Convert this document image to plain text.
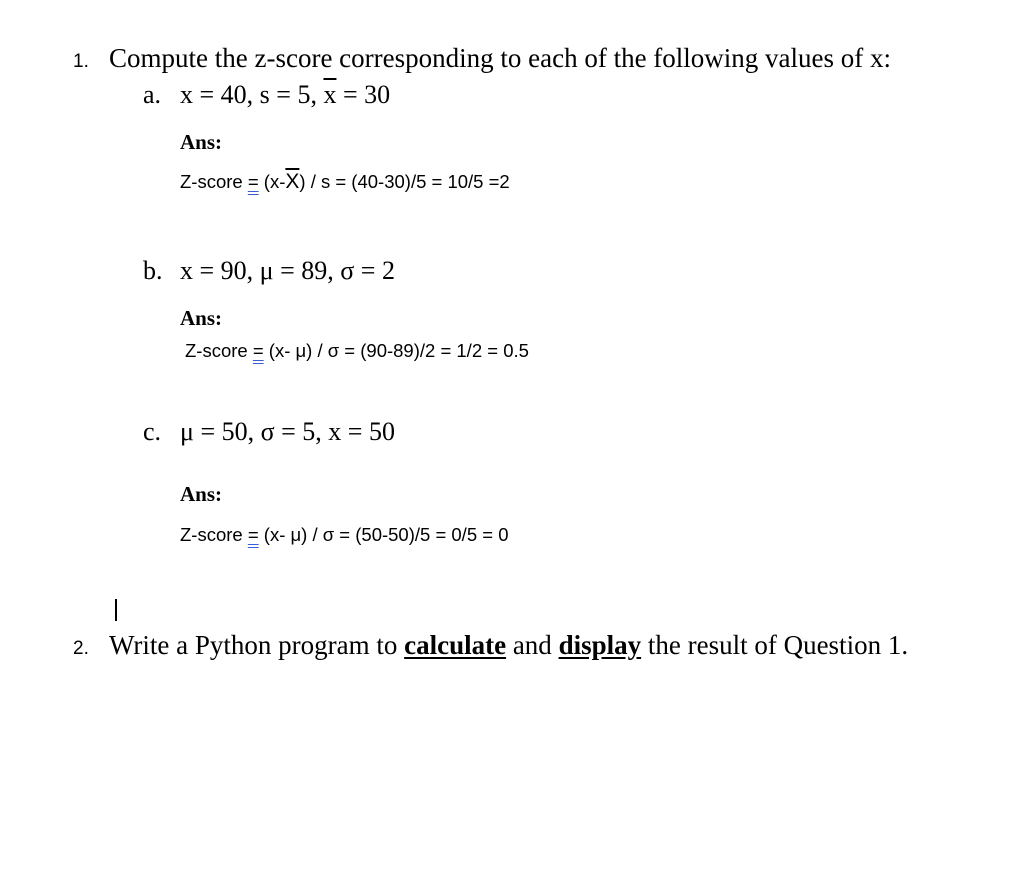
1. Compute the z-score corresponding to each of the following values of x:
a. x = 40, s = 5, $\overline{x} = 30$
Ans:
Z-score = $(x-\overline{X}) / s = (40-30)/5 = 10/5 =2$
b. x = 90, μ = 89, σ = 2
Ans:
Z-score = (x- μ) / σ = (90-89)/2 = 1/2 = 0.5
c. μ = 50, σ = 5, x = 50
Ans:
Z-score = (x- μ) / σ = (50-50)/5 = 0/5 = 0
2. Write a Python program to calculate and display the result of Question 1.
